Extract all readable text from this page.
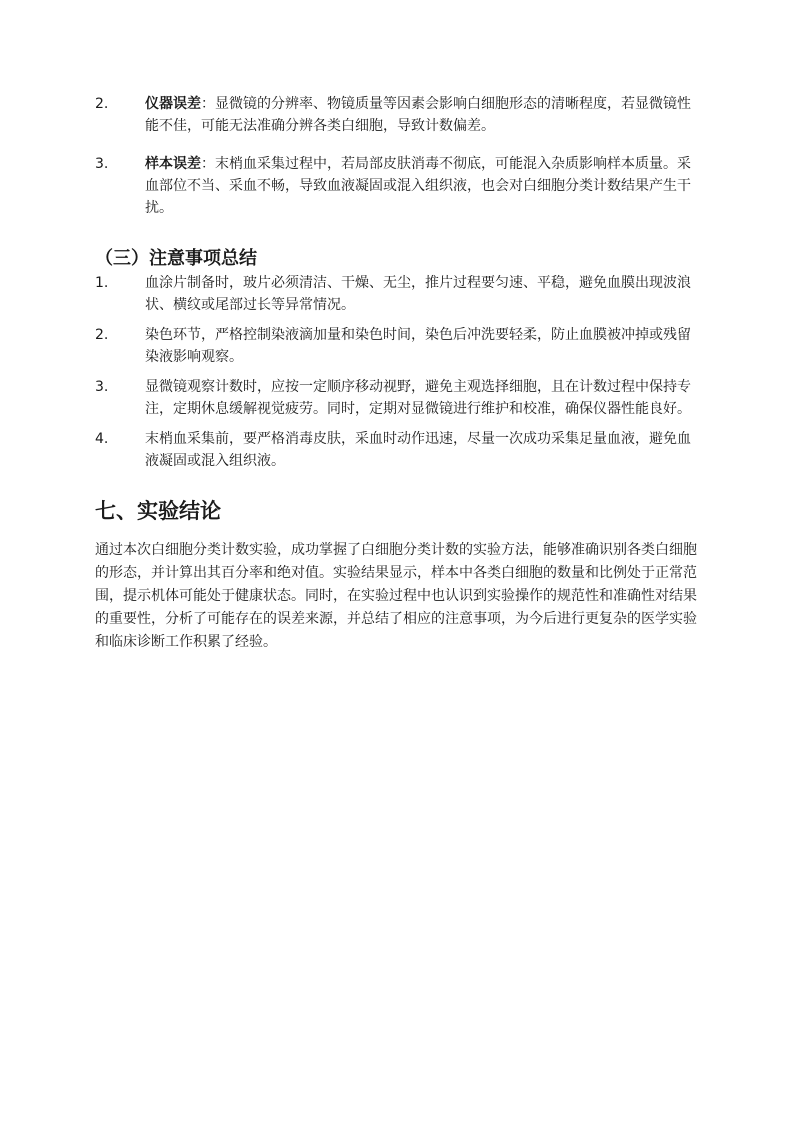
2.	仪器误差：显微镜的分辨率、物镜质量等因素会影响白细胞形态的清晰程度，若显微镜性能不佳，可能无法准确分辨各类白细胞，导致计数偏差。
3.	样本误差：末梢血采集过程中，若局部皮肤消毒不彻底，可能混入杂质影响样本质量。采血部位不当、采血不畅，导致血液凝固或混入组织液，也会对白细胞分类计数结果产生干扰。
（三）注意事项总结
1.	血涂片制备时，玻片必须清洁、干燥、无尘，推片过程要匀速、平稳，避免血膜出现波浪状、横纹或尾部过长等异常情况。
2.	染色环节，严格控制染液滴加量和染色时间，染色后冲洗要轻柔，防止血膜被冲掉或残留染液影响观察。
3.	显微镜观察计数时，应按一定顺序移动视野，避免主观选择细胞，且在计数过程中保持专注，定期休息缓解视觉疲劳。同时，定期对显微镜进行维护和校准，确保仪器性能良好。
4.	末梢血采集前，要严格消毒皮肤，采血时动作迅速，尽量一次成功采集足量血液，避免血液凝固或混入组织液。
七、实验结论
通过本次白细胞分类计数实验，成功掌握了白细胞分类计数的实验方法，能够准确识别各类白细胞的形态，并计算出其百分率和绝对值。实验结果显示，样本中各类白细胞的数量和比例处于正常范围，提示机体可能处于健康状态。同时，在实验过程中也认识到实验操作的规范性和准确性对结果的重要性，分析了可能存在的误差来源，并总结了相应的注意事项，为今后进行更复杂的医学实验和临床诊断工作积累了经验。
